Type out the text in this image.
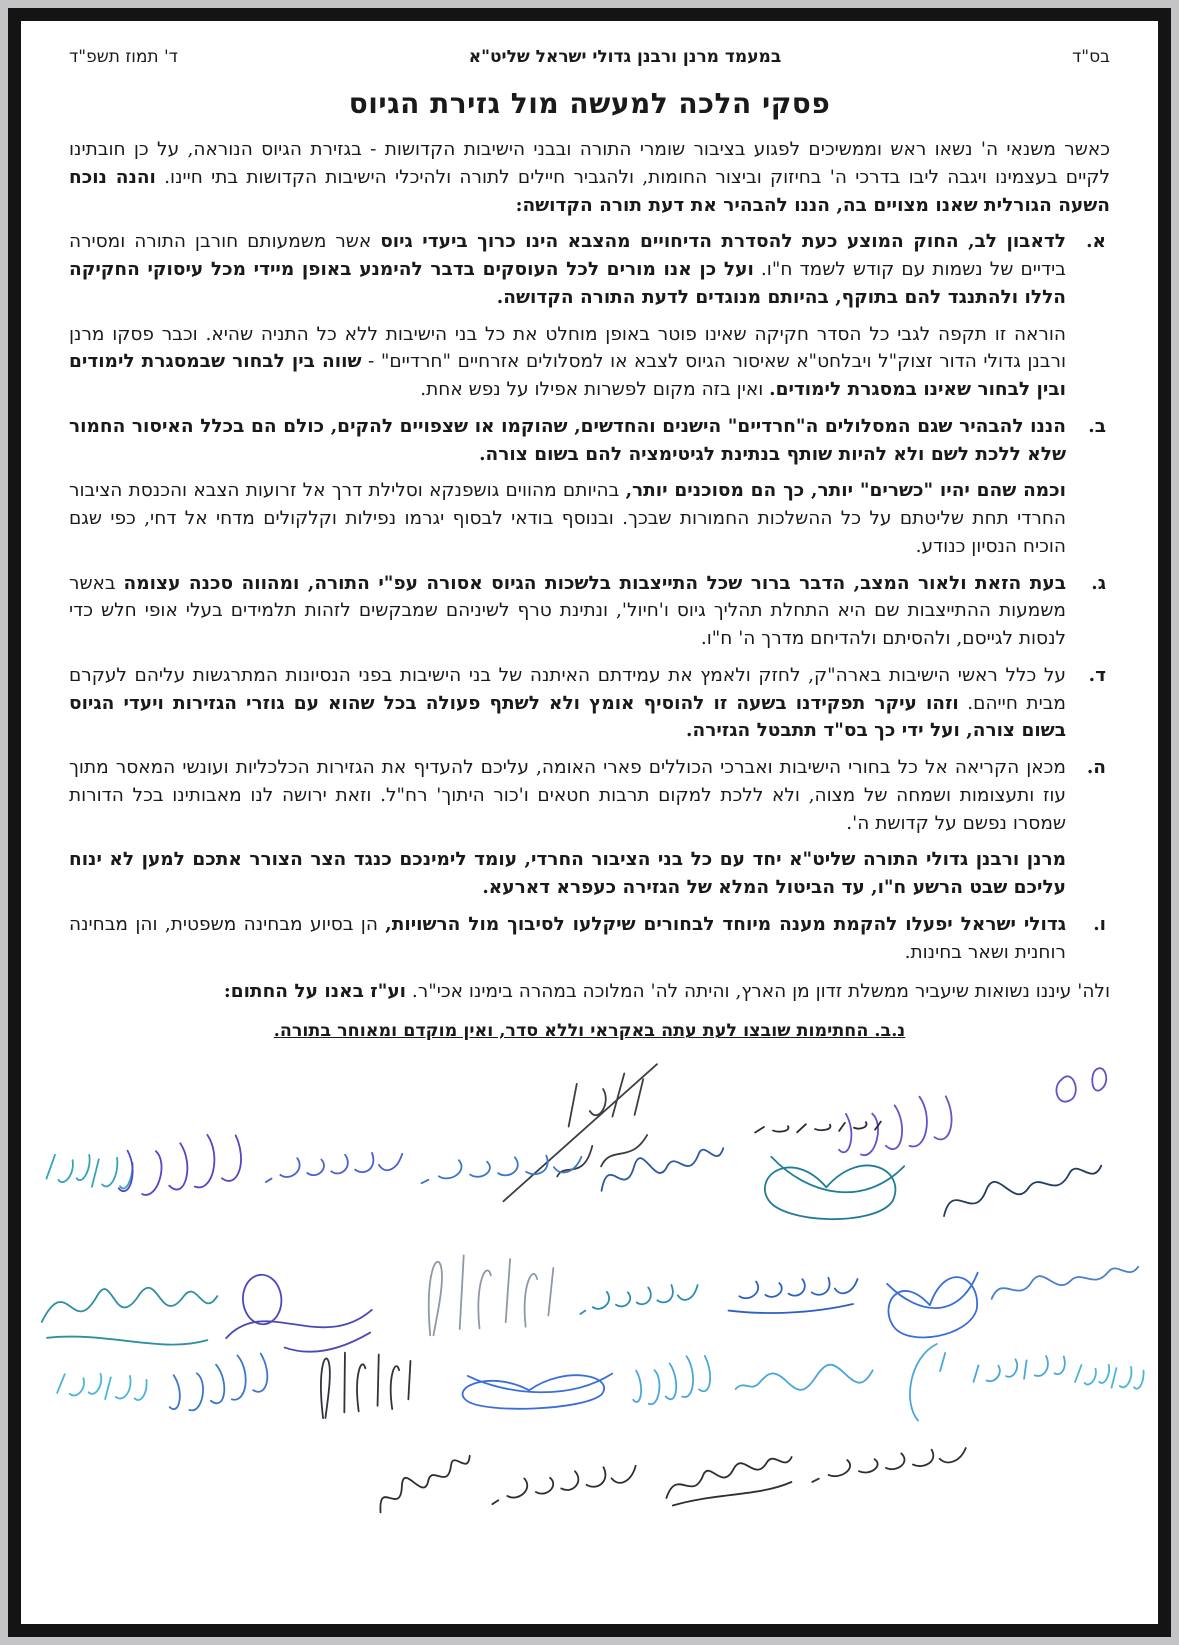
בס"ד
במעמד מרנן ורבנן גדולי ישראל שליט"א
ד' תמוז תשפ"ד
פסקי הלכה למעשה מול גזירת הגיוס

כאשר משנאי ה' נשאו ראש וממשיכים לפגוע בציבור שומרי התורה ובבני הישיבות הקדושות - בגזירת הגיוס הנוראה, על כן חובתינו לקיים בעצמינו ויגבה ליבו בדרכי ה' בחיזוק וביצור החומות, ולהגביר חיילים לתורה ולהיכלי הישיבות הקדושות בתי חיינו. והנה נוכח השעה הגורלית שאנו מצויים בה, הננו להבהיר את דעת תורה הקדושה:

א.
לדאבון לב, החוק המוצע כעת להסדרת הדיחויים מהצבא הינו כרוך ביעדי גיוס אשר משמעותם חורבן התורה ומסירה בידיים של נשמות עם קודש לשמד ח"ו. ועל כן אנו מורים לכל העוסקים בדבר להימנע באופן מיידי מכל עיסוקי החקיקה הללו ולהתנגד להם בתוקף, בהיותם מנוגדים לדעת התורה הקדושה.

הוראה זו תקפה לגבי כל הסדר חקיקה שאינו פוטר באופן מוחלט את כל בני הישיבות ללא כל התניה שהיא. וכבר פסקו מרנן ורבנן גדולי הדור זצוק"ל ויבלחט"א שאיסור הגיוס לצבא או למסלולים אזרחיים "חרדיים" - שווה בין לבחור שבמסגרת לימודים ובין לבחור שאינו במסגרת לימודים. ואין בזה מקום לפשרות אפילו על נפש אחת.

ב.
הננו להבהיר שגם המסלולים ה"חרדיים" הישנים והחדשים, שהוקמו או שצפויים להקים, כולם הם בכלל האיסור החמור שלא ללכת לשם ולא להיות שותף בנתינת לגיטימציה להם בשום צורה.

וכמה שהם יהיו "כשרים" יותר, כך הם מסוכנים יותר, בהיותם מהווים גושפנקא וסלילת דרך אל זרועות הצבא והכנסת הציבור החרדי תחת שליטתם על כל ההשלכות החמורות שבכך. ובנוסף בודאי לבסוף יגרמו נפילות וקלקולים מדחי אל דחי, כפי שגם הוכיח הנסיון כנודע.

ג.
בעת הזאת ולאור המצב, הדבר ברור שכל התייצבות בלשכות הגיוס אסורה עפ"י התורה, ומהווה סכנה עצומה באשר משמעות ההתייצבות שם היא התחלת תהליך גיוס ו'חיול', ונתינת טרף לשיניהם שמבקשים לזהות תלמידים בעלי אופי חלש כדי לנסות לגייסם, ולהסיתם ולהדיחם מדרך ה' ח"ו.

ד.
על כלל ראשי הישיבות בארה"ק, לחזק ולאמץ את עמידתם האיתנה של בני הישיבות בפני הנסיונות המתרגשות עליהם לעקרם מבית חייהם. וזהו עיקר תפקידנו בשעה זו להוסיף אומץ ולא לשתף פעולה בכל שהוא עם גוזרי הגזירות ויעדי הגיוס בשום צורה, ועל ידי כך בס"ד תתבטל הגזירה.

ה.
מכאן הקריאה אל כל בחורי הישיבות ואברכי הכוללים פארי האומה, עליכם להעדיף את הגזירות הכלכליות ועונשי המאסר מתוך עוז ותעצומות ושמחה של מצוה, ולא ללכת למקום תרבות חטאים ו'כור היתוך' רח"ל. וזאת ירושה לנו מאבותינו בכל הדורות שמסרו נפשם על קדושת ה'.

מרנן ורבנן גדולי התורה שליט"א יחד עם כל בני הציבור החרדי, עומד לימינכם כנגד הצר הצורר אתכם למען לא ינוח עליכם שבט הרשע ח"ו, עד הביטול המלא של הגזירה כעפרא דארעא.

ו.
גדולי ישראל יפעלו להקמת מענה מיוחד לבחורים שיקלעו לסיבוך מול הרשויות, הן בסיוע מבחינה משפטית, והן מבחינה רוחנית ושאר בחינות.

ולה' עיננו נשואות שיעביר ממשלת זדון מן הארץ, והיתה לה' המלוכה במהרה בימינו אכי"ר. וע"ז באנו על החתום:

נ.ב. החתימות שובצו לעת עתה באקראי וללא סדר, ואין מוקדם ומאוחר בתורה.
